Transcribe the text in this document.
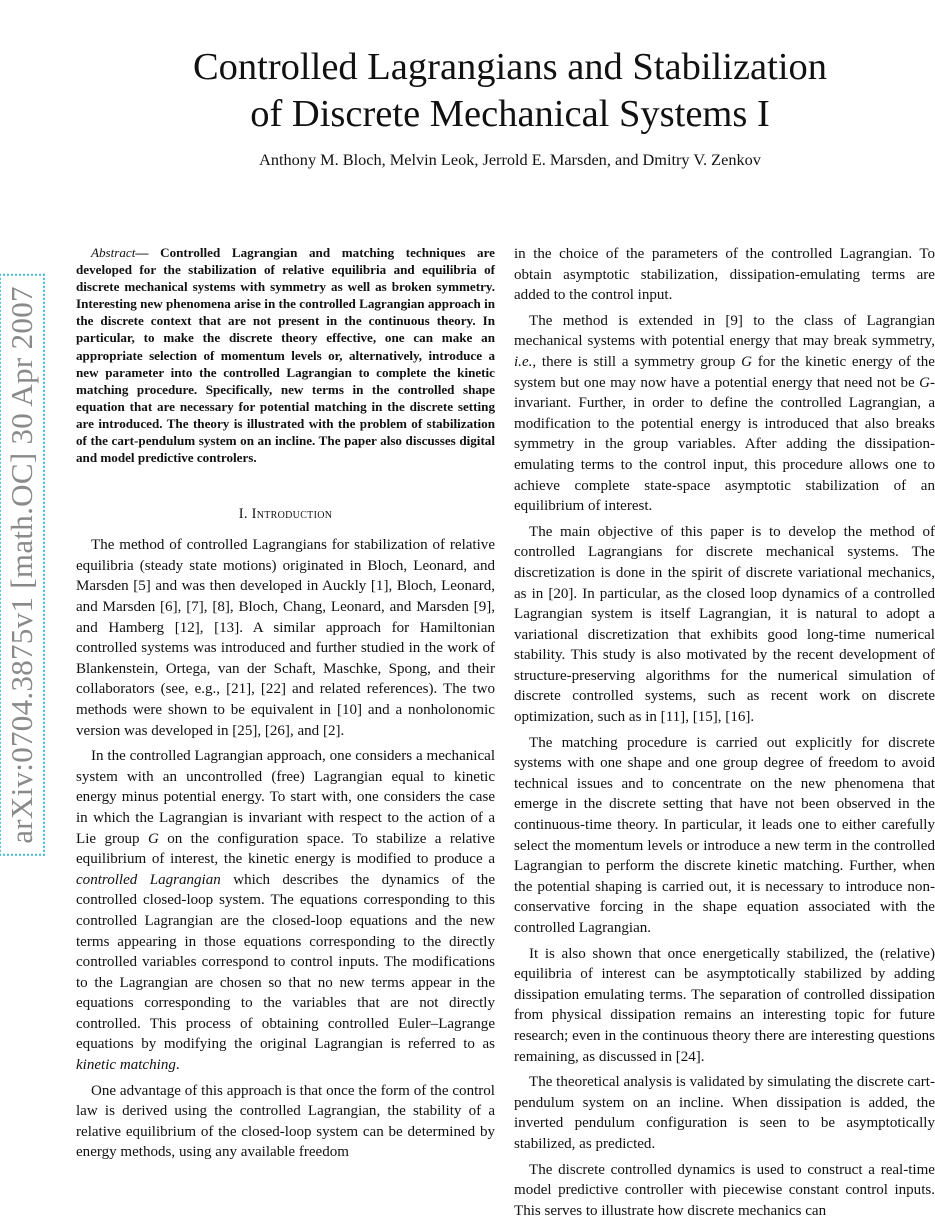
arXiv:0704.3875v1 [math.OC] 30 Apr 2007
Controlled Lagrangians and Stabilization
of Discrete Mechanical Systems I

Anthony M. Bloch, Melvin Leok, Jerrold E. Marsden, and Dmitry V. Zenkov

Abstract— Controlled Lagrangian and matching techniques are developed for the stabilization of relative equilibria and equilibria of discrete mechanical systems with symmetry as well as broken symmetry. Interesting new phenomena arise in the controlled Lagrangian approach in the discrete context that are not present in the continuous theory. In particular, to make the discrete theory effective, one can make an appropriate selection of momentum levels or, alternatively, introduce a new parameter into the controlled Lagrangian to complete the kinetic matching procedure. Specifically, new terms in the controlled shape equation that are necessary for potential matching in the discrete setting are introduced. The theory is illustrated with the problem of stabilization of the cart-pendulum system on an incline. The paper also discusses digital and model predictive controlers.

I. Introduction

The method of controlled Lagrangians for stabilization of relative equilibria (steady state motions) originated in Bloch, Leonard, and Marsden [5] and was then developed in Auckly [1], Bloch, Leonard, and Marsden [6], [7], [8], Bloch, Chang, Leonard, and Marsden [9], and Hamberg [12], [13]. A similar approach for Hamiltonian controlled systems was introduced and further studied in the work of Blankenstein, Ortega, van der Schaft, Maschke, Spong, and their collaborators (see, e.g., [21], [22] and related references). The two methods were shown to be equivalent in [10] and a nonholonomic version was developed in [25], [26], and [2].

In the controlled Lagrangian approach, one considers a mechanical system with an uncontrolled (free) Lagrangian equal to kinetic energy minus potential energy. To start with, one considers the case in which the Lagrangian is invariant with respect to the action of a Lie group G on the configuration space. To stabilize a relative equilibrium of interest, the kinetic energy is modified to produce a controlled Lagrangian which describes the dynamics of the controlled closed-loop system. The equations corresponding to this controlled Lagrangian are the closed-loop equations and the new terms appearing in those equations corresponding to the directly controlled variables correspond to control inputs. The modifications to the Lagrangian are chosen so that no new terms appear in the equations corresponding to the variables that are not directly controlled. This process of obtaining controlled Euler–Lagrange equations by modifying the original Lagrangian is referred to as kinetic matching.

One advantage of this approach is that once the form of the control law is derived using the controlled Lagrangian, the stability of a relative equilibrium of the closed-loop system can be determined by energy methods, using any available freedom

in the choice of the parameters of the controlled Lagrangian. To obtain asymptotic stabilization, dissipation-emulating terms are added to the control input.

The method is extended in [9] to the class of Lagrangian mechanical systems with potential energy that may break symmetry, i.e., there is still a symmetry group G for the kinetic energy of the system but one may now have a potential energy that need not be G-invariant. Further, in order to define the controlled Lagrangian, a modification to the potential energy is introduced that also breaks symmetry in the group variables. After adding the dissipation-emulating terms to the control input, this procedure allows one to achieve complete state-space asymptotic stabilization of an equilibrium of interest.

The main objective of this paper is to develop the method of controlled Lagrangians for discrete mechanical systems. The discretization is done in the spirit of discrete variational mechanics, as in [20]. In particular, as the closed loop dynamics of a controlled Lagrangian system is itself Lagrangian, it is natural to adopt a variational discretization that exhibits good long-time numerical stability. This study is also motivated by the recent development of structure-preserving algorithms for the numerical simulation of discrete controlled systems, such as recent work on discrete optimization, such as in [11], [15], [16].

The matching procedure is carried out explicitly for discrete systems with one shape and one group degree of freedom to avoid technical issues and to concentrate on the new phenomena that emerge in the discrete setting that have not been observed in the continuous-time theory. In particular, it leads one to either carefully select the momentum levels or introduce a new term in the controlled Lagrangian to perform the discrete kinetic matching. Further, when the potential shaping is carried out, it is necessary to introduce non-conservative forcing in the shape equation associated with the controlled Lagrangian.

It is also shown that once energetically stabilized, the (relative) equilibria of interest can be asymptotically stabilized by adding dissipation emulating terms. The separation of controlled dissipation from physical dissipation remains an interesting topic for future research; even in the continuous theory there are interesting questions remaining, as discussed in [24].

The theoretical analysis is validated by simulating the discrete cart-pendulum system on an incline. When dissipation is added, the inverted pendulum configuration is seen to be asymptotically stabilized, as predicted.

The discrete controlled dynamics is used to construct a real-time model predictive controller with piecewise constant control inputs. This serves to illustrate how discrete mechanics can
